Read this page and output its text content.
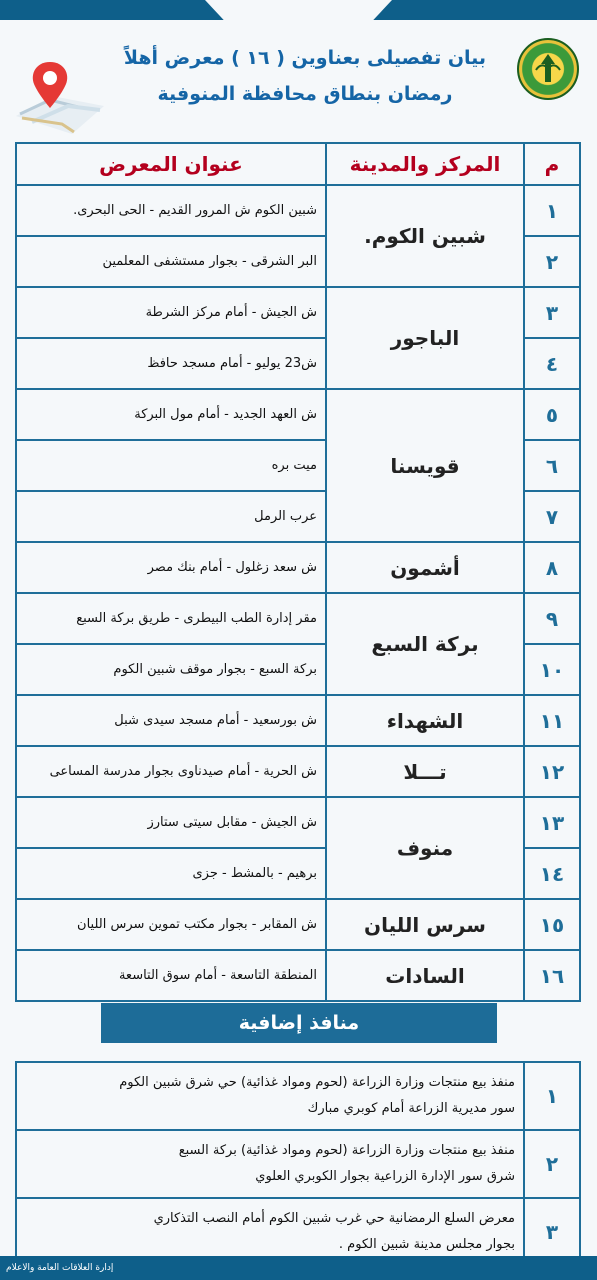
بيان تفصيلى بعناوين ( ١٦ ) معرض أهلاً رمضان بنطاق محافظة المنوفية
م	المركز والمدينة	عنوان المعرض
١	شبين الكوم.	شبين الكوم ش المرور القديم - الحى البحرى.
٢		البر الشرقى - بجوار مستشفى المعلمين
٣	الباجور	ش الجيش - أمام مركز الشرطة
٤		ش23 يوليو - أمام مسجد حافظ
٥	قويسنا	ش العهد الجديد - أمام مول البركة
٦		ميت بره
٧		عرب الرمل
٨	أشمون	ش سعد زغلول - أمام بنك مصر
٩	بركة السبع	مقر إدارة الطب البيطرى - طريق بركة السبع
١٠		بركة السبع - بجوار موقف شبين الكوم
١١	الشهداء	ش بورسعيد - أمام مسجد سيدى شبل
١٢	تـــلا	ش الحرية - أمام صيدناوى بجوار مدرسة المساعى
١٣	منوف	ش الجيش - مقابل سيتى ستارز
١٤		برهيم - بالمشط - جزى
١٥	سرس الليان	ش المقابر - بجوار مكتب تموين سرس الليان
١٦	السادات	المنطقة التاسعة - أمام سوق التاسعة
منافذ إضافية
١	منفذ بيع منتجات وزارة الزراعة (لحوم ومواد غذائية) حي شرق شبين الكوم
سور مديرية الزراعة أمام كوبري مبارك

٢	منفذ بيع منتجات وزارة الزراعة (لحوم ومواد غذائية) بركة السبع
شرق سور الإدارة الزراعية بجوار الكوبري العلوي

٣	معرض السلع الرمضانية حي غرب شبين الكوم أمام النصب التذكاري
بجوار مجلس مدينة شبين الكوم .
إدارة العلاقات العامة والاعلام
